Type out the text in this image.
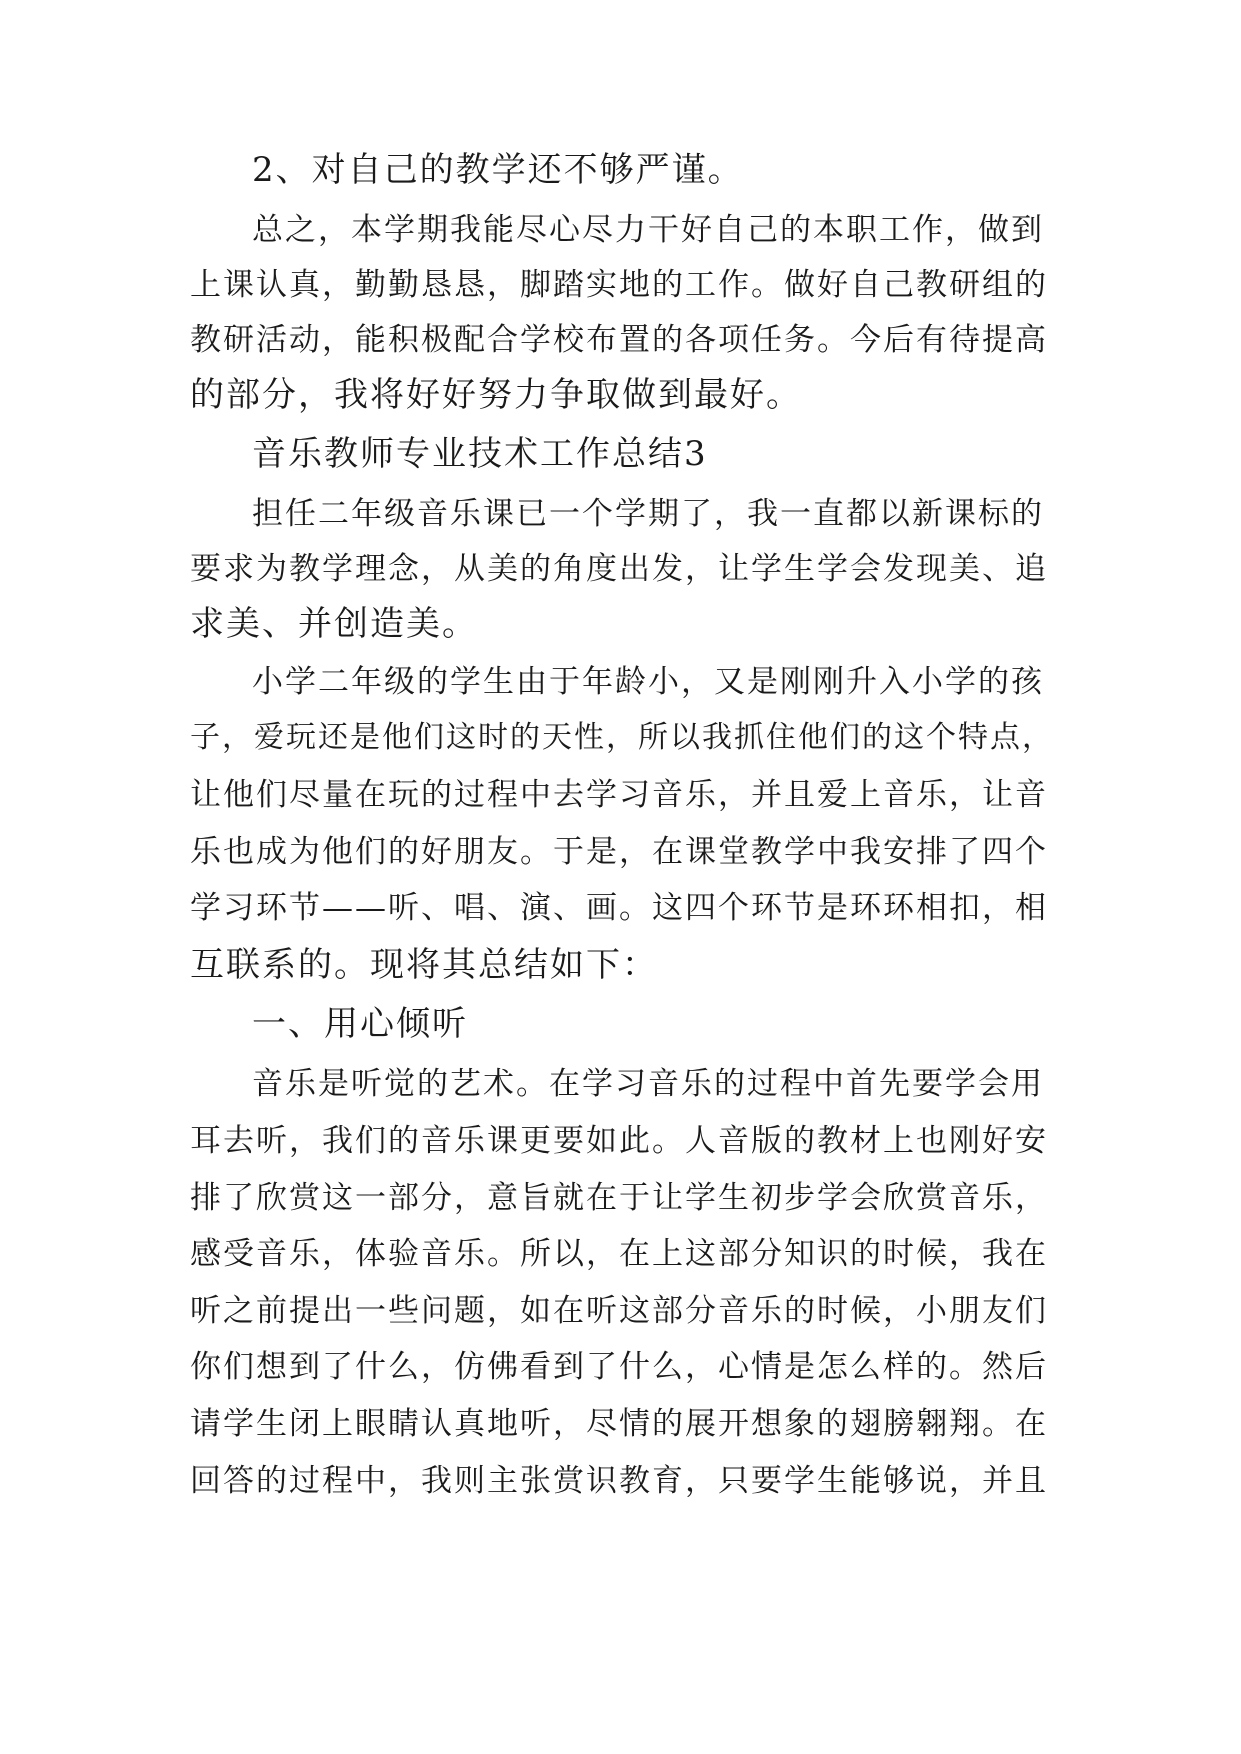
2、对自己的教学还不够严谨。
总之，本学期我能尽心尽力干好自己的本职工作，做到
上课认真，勤勤恳恳，脚踏实地的工作。做好自己教研组的
教研活动，能积极配合学校布置的各项任务。今后有待提高
的部分，我将好好努力争取做到最好。
音乐教师专业技术工作总结3
担任二年级音乐课已一个学期了，我一直都以新课标的
要求为教学理念，从美的角度出发，让学生学会发现美、追
求美、并创造美。
小学二年级的学生由于年龄小，又是刚刚升入小学的孩
子，爱玩还是他们这时的天性，所以我抓住他们的这个特点，
让他们尽量在玩的过程中去学习音乐，并且爱上音乐，让音
乐也成为他们的好朋友。于是，在课堂教学中我安排了四个
学习环节——听、唱、演、画。这四个环节是环环相扣，相
互联系的。现将其总结如下：
一、用心倾听
音乐是听觉的艺术。在学习音乐的过程中首先要学会用
耳去听，我们的音乐课更要如此。人音版的教材上也刚好安
排了欣赏这一部分，意旨就在于让学生初步学会欣赏音乐，
感受音乐，体验音乐。所以，在上这部分知识的时候，我在
听之前提出一些问题，如在听这部分音乐的时候，小朋友们
你们想到了什么，仿佛看到了什么，心情是怎么样的。然后
请学生闭上眼睛认真地听，尽情的展开想象的翅膀翱翔。在
回答的过程中，我则主张赏识教育，只要学生能够说，并且
